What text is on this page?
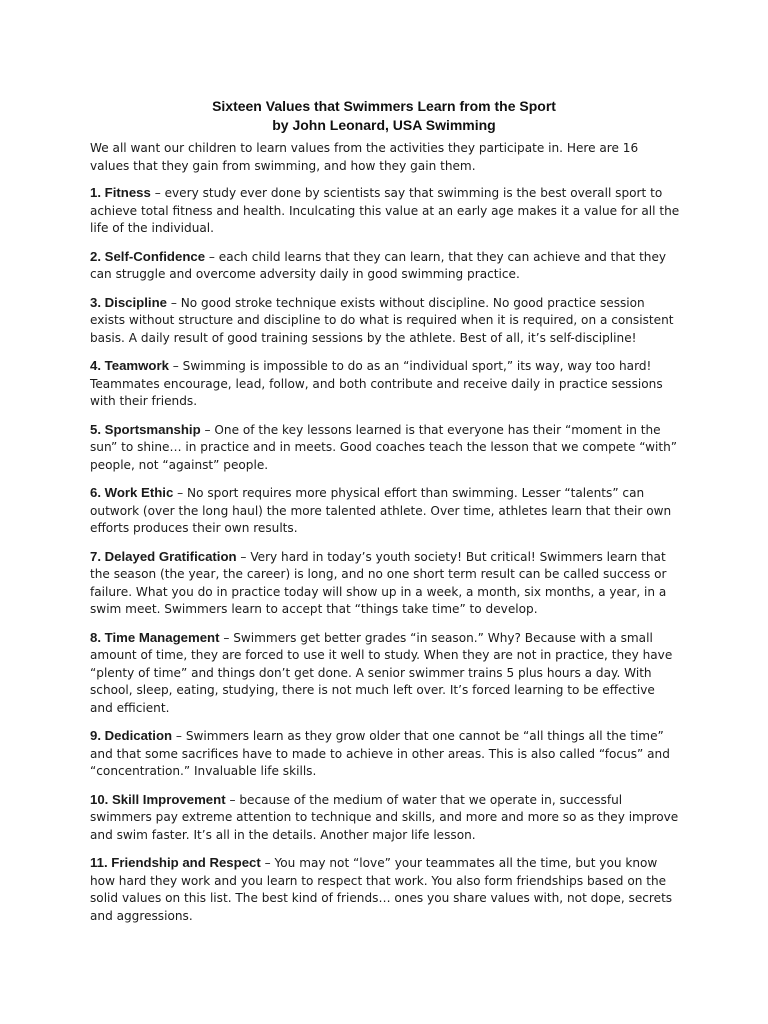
Sixteen Values that Swimmers Learn from the Sport
by John Leonard, USA Swimming

We all want our children to learn values from the activities they participate in. Here are 16 values that they gain from swimming, and how they gain them.

1. Fitness – every study ever done by scientists say that swimming is the best overall sport to achieve total fitness and health. Inculcating this value at an early age makes it a value for all the life of the individual.

2. Self-Confidence – each child learns that they can learn, that they can achieve and that they can struggle and overcome adversity daily in good swimming practice.

3. Discipline – No good stroke technique exists without discipline. No good practice session exists without structure and discipline to do what is required when it is required, on a consistent basis. A daily result of good training sessions by the athlete. Best of all, it’s self-discipline!

4. Teamwork – Swimming is impossible to do as an “individual sport,” its way, way too hard! Teammates encourage, lead, follow, and both contribute and receive daily in practice sessions with their friends.

5. Sportsmanship – One of the key lessons learned is that everyone has their “moment in the sun” to shine… in practice and in meets. Good coaches teach the lesson that we compete “with” people, not “against” people.

6. Work Ethic – No sport requires more physical effort than swimming. Lesser “talents” can outwork (over the long haul) the more talented athlete. Over time, athletes learn that their own efforts produces their own results.

7. Delayed Gratification – Very hard in today’s youth society! But critical! Swimmers learn that the season (the year, the career) is long, and no one short term result can be called success or failure. What you do in practice today will show up in a week, a month, six months, a year, in a swim meet. Swimmers learn to accept that “things take time” to develop.

8. Time Management – Swimmers get better grades “in season.” Why? Because with a small amount of time, they are forced to use it well to study. When they are not in practice, they have “plenty of time” and things don’t get done. A senior swimmer trains 5 plus hours a day. With school, sleep, eating, studying, there is not much left over. It’s forced learning to be effective and efficient.

9. Dedication – Swimmers learn as they grow older that one cannot be “all things all the time” and that some sacrifices have to made to achieve in other areas. This is also called “focus” and “concentration.” Invaluable life skills.

10. Skill Improvement – because of the medium of water that we operate in, successful swimmers pay extreme attention to technique and skills, and more and more so as they improve and swim faster. It’s all in the details. Another major life lesson.

11. Friendship and Respect – You may not “love” your teammates all the time, but you know how hard they work and you learn to respect that work. You also form friendships based on the solid values on this list. The best kind of friends… ones you share values with, not dope, secrets and aggressions.
